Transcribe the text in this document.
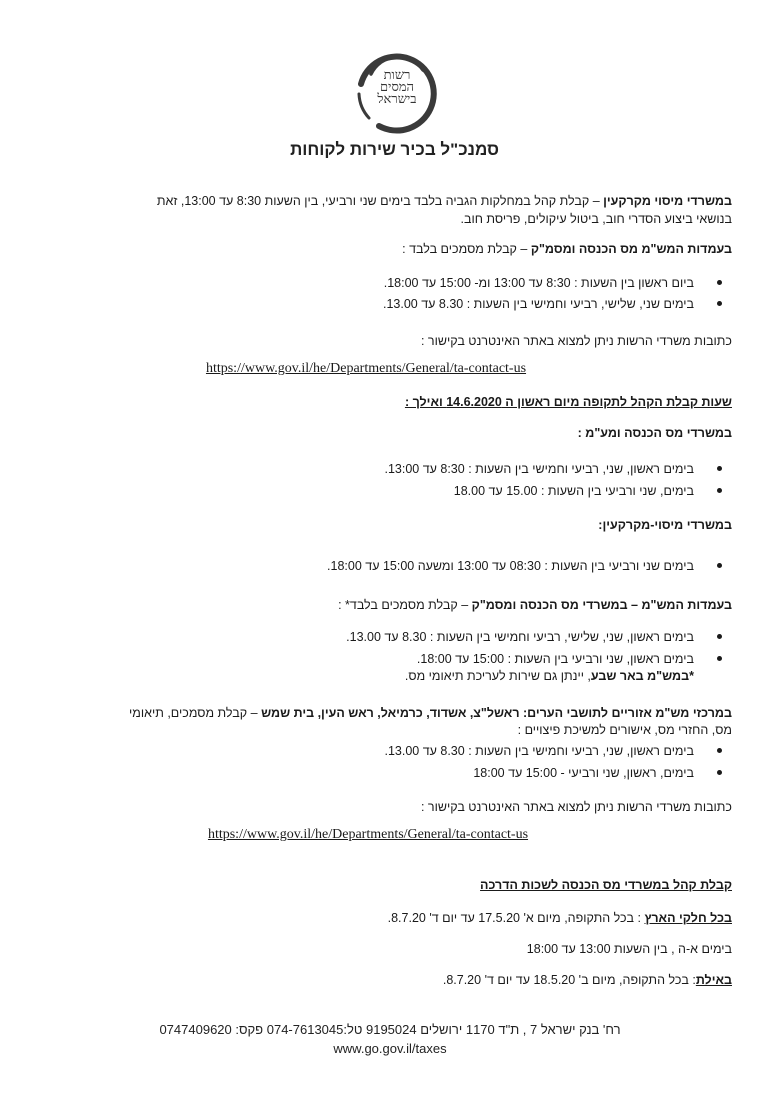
רשות
המסים
בישראל
סמנכ"ל בכיר שירות לקוחות
במשרדי מיסוי מקרקעין – קבלת קהל במחלקות הגביה בלבד בימים שני ורביעי, בין השעות 8:30 עד 13:00, זאת
בנושאי ביצוע הסדרי חוב, ביטול עיקולים, פריסת חוב.
בעמדות המש"מ מס הכנסה ומסמ"ק – קבלת מסמכים בלבד :
ביום ראשון בין השעות : 8:30 עד 13:00 ומ- 15:00 עד 18:00.
בימים שני, שלישי, רביעי וחמישי בין השעות : 8.30 עד 13.00.
כתובות משרדי הרשות ניתן למצוא באתר האינטרנט בקישור :
https://www.gov.il/he/Departments/General/ta-contact-us
שעות קבלת הקהל לתקופה מיום ראשון ה 14.6.2020 ואילך :
במשרדי מס הכנסה ומע"מ :
בימים ראשון, שני, רביעי וחמישי בין השעות : 8:30 עד 13:00.
בימים, שני ורביעי בין השעות : 15.00 עד 18.00
במשרדי מיסוי-מקרקעין:
בימים שני ורביעי בין השעות : 08:30 עד 13:00 ומשעה 15:00 עד 18:00.
בעמדות המש"מ – במשרדי מס הכנסה ומסמ"ק – קבלת מסמכים בלבד* :
בימים ראשון, שני, שלישי, רביעי וחמישי בין השעות : 8.30 עד 13.00.
בימים ראשון, שני ורביעי בין השעות : 15:00 עד 18:00.
*במש"מ באר שבע, יינתן גם שירות לעריכת תיאומי מס.
במרכזי מש"מ אזוריים לתושבי הערים: ראשל"צ, אשדוד, כרמיאל, ראש העין, בית שמש – קבלת מסמכים, תיאומי
מס, החזרי מס, אישורים למשיכת פיצויים :
בימים ראשון, שני, רביעי וחמישי בין השעות : 8.30 עד 13.00.
בימים, ראשון, שני ורביעי - 15:00 עד 18:00
כתובות משרדי הרשות ניתן למצוא באתר האינטרנט בקישור :
https://www.gov.il/he/Departments/General/ta-contact-us
קבלת קהל במשרדי מס הכנסה לשכות הדרכה
בכל חלקי הארץ : בכל התקופה, מיום א' 17.5.20 עד יום ד' 8.7.20.
בימים א-ה , בין השעות 13:00 עד 18:00
באילת: בכל התקופה, מיום ב' 18.5.20 עד יום ד' 8.7.20.
רח' בנק ישראל 7 , ת"ד 1170 ירושלים 9195024 טל:074-7613045 פקס: 0747409620
www.go.gov.il/taxes
